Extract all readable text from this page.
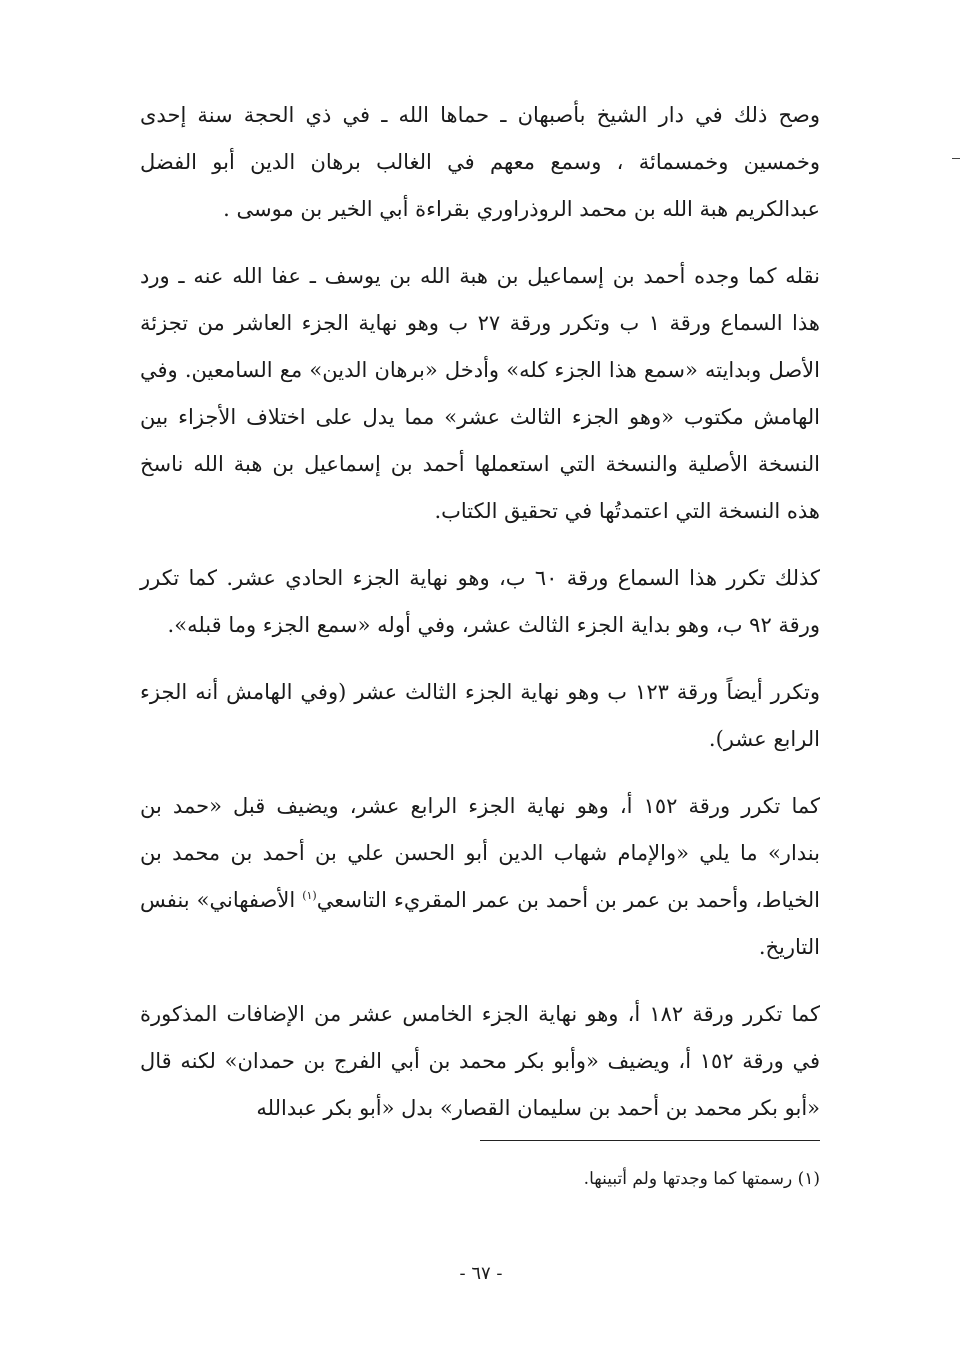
وصح ذلك في دار الشيخ بأصبهان ـ حماها الله ـ في ذي الحجة سنة إحدى وخمسين وخمسمائة ، وسمع معهم في الغالب برهان الدين أبو الفضل عبدالكريم هبة الله بن محمد الروذراوري بقراءة أبي الخير بن موسى .

نقله كما وجده أحمد بن إسماعيل بن هبة الله بن يوسف ـ عفا الله عنه ـ ورد هذا السماع ورقة ١ ب وتكرر ورقة ٢٧ ب وهو نهاية الجزء العاشر من تجزئة الأصل وبدايته «سمع هذا الجزء كله» وأدخل «برهان الدين» مع السامعين. وفي الهامش مكتوب «وهو الجزء الثالث عشر» مما يدل على اختلاف الأجزاء بين النسخة الأصلية والنسخة التي استعملها أحمد بن إسماعيل بن هبة الله ناسخ هذه النسخة التي اعتمدتُها في تحقيق الكتاب.

كذلك تكرر هذا السماع ورقة ٦٠ ب، وهو نهاية الجزء الحادي عشر. كما تكرر ورقة ٩٢ ب، وهو بداية الجزء الثالث عشر، وفي أوله «سمع الجزء وما قبله».

وتكرر أيضاً ورقة ١٢٣ ب وهو نهاية الجزء الثالث عشر (وفي الهامش أنه الجزء الرابع عشر).

كما تكرر ورقة ١٥٢ أ، وهو نهاية الجزء الرابع عشر، ويضيف قبل «حمد بن بندار» ما يلي «والإمام شهاب الدين أبو الحسن علي بن أحمد بن محمد بن الخياط، وأحمد بن عمر بن أحمد بن عمر المقريء التاسعي$^{(١)}$ الأصفهاني» بنفس التاريخ.

كما تكرر ورقة ١٨٢ أ، وهو نهاية الجزء الخامس عشر من الإضافات المذكورة في ورقة ١٥٢ أ، ويضيف «وأبو بكر محمد بن أبي الفرج بن حمدان» لكنه قال «أبو بكر محمد بن أحمد بن سليمان القصار» بدل «أبو بكر عبدالله

(١) رسمتها كما وجدتها ولم أتبينها.
- ٦٧ -
